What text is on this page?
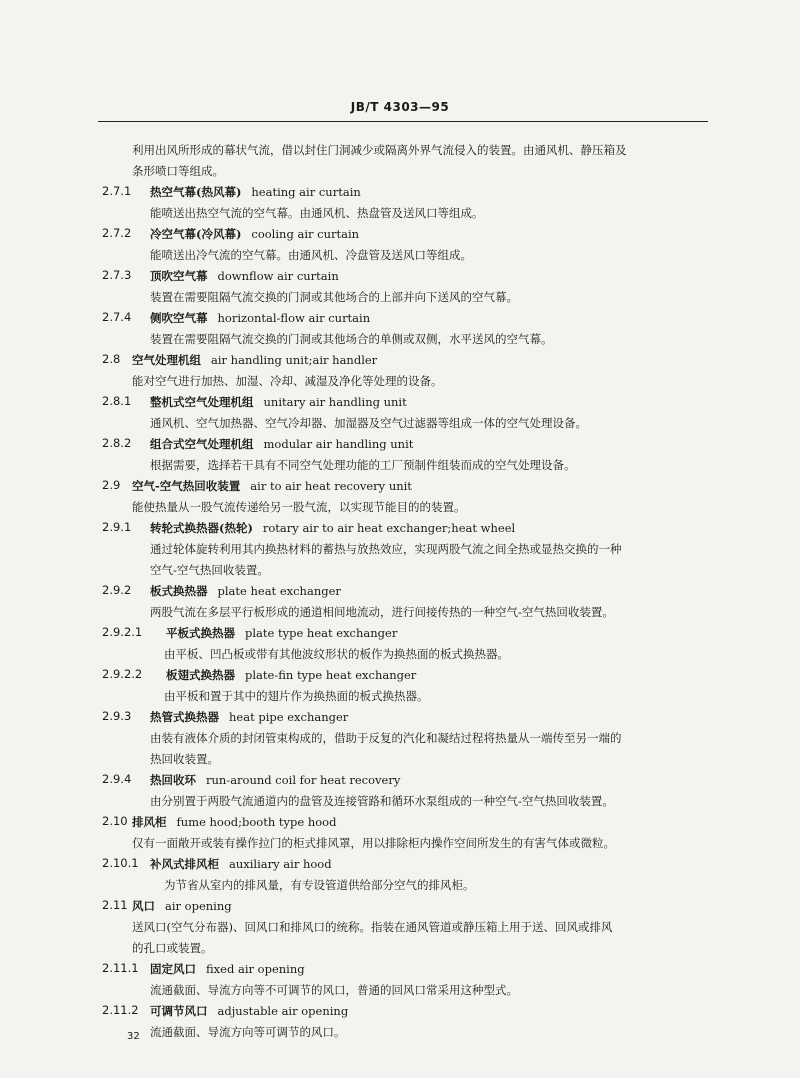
JB/T 4303—95
利用出风所形成的幕状气流，借以封住门洞减少或隔离外界气流侵入的装置。由通风机、静压箱及
条形喷口等组成。
2.7.1 热空气幕(热风幕) heating air curtain
能喷送出热空气流的空气幕。由通风机、热盘管及送风口等组成。
2.7.2 冷空气幕(冷风幕) cooling air curtain
能喷送出冷气流的空气幕。由通风机、冷盘管及送风口等组成。
2.7.3 顶吹空气幕 downflow air curtain
装置在需要阻隔气流交换的门洞或其他场合的上部并向下送风的空气幕。
2.7.4 侧吹空气幕 horizontal-flow air curtain
装置在需要阻隔气流交换的门洞或其他场合的单侧或双侧，水平送风的空气幕。
2.8 空气处理机组 air handling unit;air handler
能对空气进行加热、加湿、冷却、减湿及净化等处理的设备。
2.8.1 整机式空气处理机组 unitary air handling unit
通风机、空气加热器、空气冷却器、加湿器及空气过滤器等组成一体的空气处理设备。
2.8.2 组合式空气处理机组 modular air handling unit
根据需要，选择若干具有不同空气处理功能的工厂预制件组装而成的空气处理设备。
2.9 空气-空气热回收装置 air to air heat recovery unit
能使热量从一股气流传递给另一股气流，以实现节能目的的装置。
2.9.1 转轮式换热器(热轮) rotary air to air heat exchanger;heat wheel
通过轮体旋转利用其内换热材料的蓄热与放热效应，实现两股气流之间全热或显热交换的一种
空气-空气热回收装置。
2.9.2 板式换热器 plate heat exchanger
两股气流在多层平行板形成的通道相间地流动，进行间接传热的一种空气-空气热回收装置。
2.9.2.1 平板式换热器 plate type heat exchanger
由平板、凹凸板或带有其他波纹形状的板作为换热面的板式换热器。
2.9.2.2 板翅式换热器 plate-fin type heat exchanger
由平板和置于其中的翅片作为换热面的板式换热器。
2.9.3 热管式换热器 heat pipe exchanger
由装有液体介质的封闭管束构成的，借助于反复的汽化和凝结过程将热量从一端传至另一端的
热回收装置。
2.9.4 热回收环 run-around coil for heat recovery
由分别置于两股气流通道内的盘管及连接管路和循环水泵组成的一种空气-空气热回收装置。
2.10 排风柜 fume hood;booth type hood
仅有一面敞开或装有操作拉门的柜式排风罩，用以排除柜内操作空间所发生的有害气体或微粒。
2.10.1 补风式排风柜 auxiliary air hood
为节省从室内的排风量，有专设管道供给部分空气的排风柜。
2.11 风口 air opening
送风口(空气分布器)、回风口和排风口的统称。指装在通风管道或静压箱上用于送、回风或排风
的孔口或装置。
2.11.1 固定风口 fixed air opening
流通截面、导流方向等不可调节的风口，普通的回风口常采用这种型式。
2.11.2 可调节风口 adjustable air opening
流通截面、导流方向等可调节的风口。
32
